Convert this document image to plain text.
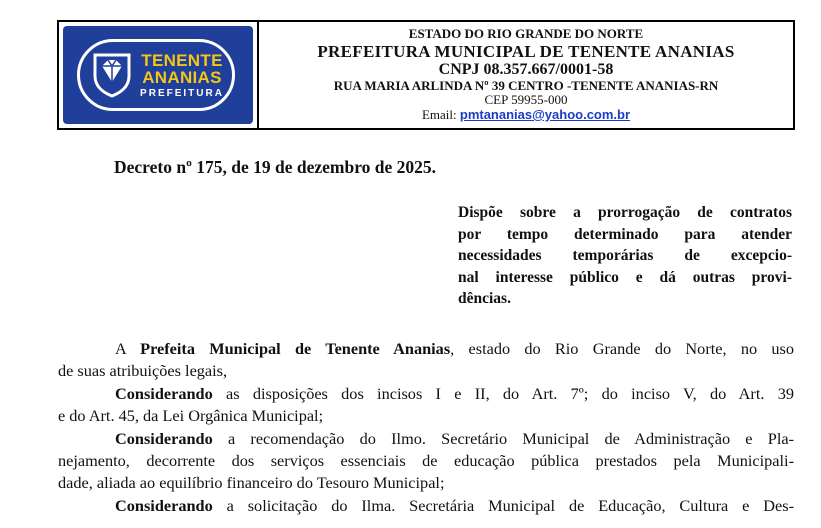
TENENTE
ANANIAS
PREFEITURA
ESTADO DO RIO GRANDE DO NORTE
PREFEITURA MUNICIPAL DE TENENTE ANANIAS
CNPJ 08.357.667/0001-58
RUA MARIA ARLINDA Nº 39 CENTRO -TENENTE ANANIAS-RN
CEP 59955-000
Email: pmtananias@yahoo.com.br
Decreto nº 175, de 19 de dezembro de 2025.
Dispõe sobre a prorrogação de contratos
por tempo determinado para atender
necessidades temporárias de excepcio-
nal interesse público e dá outras provi-
dências.
A Prefeita Municipal de Tenente Ananias, estado do Rio Grande do Norte, no uso
de suas atribuições legais,
Considerando as disposições dos incisos I e II, do Art. 7º; do inciso V, do Art. 39
e do Art. 45, da Lei Orgânica Municipal;
Considerando a recomendação do Ilmo. Secretário Municipal de Administração e Pla-
nejamento, decorrente dos serviços essenciais de educação pública prestados pela Municipali-
dade, aliada ao equilíbrio financeiro do Tesouro Municipal;
Considerando a solicitação do Ilma. Secretária Municipal de Educação, Cultura e Des-
